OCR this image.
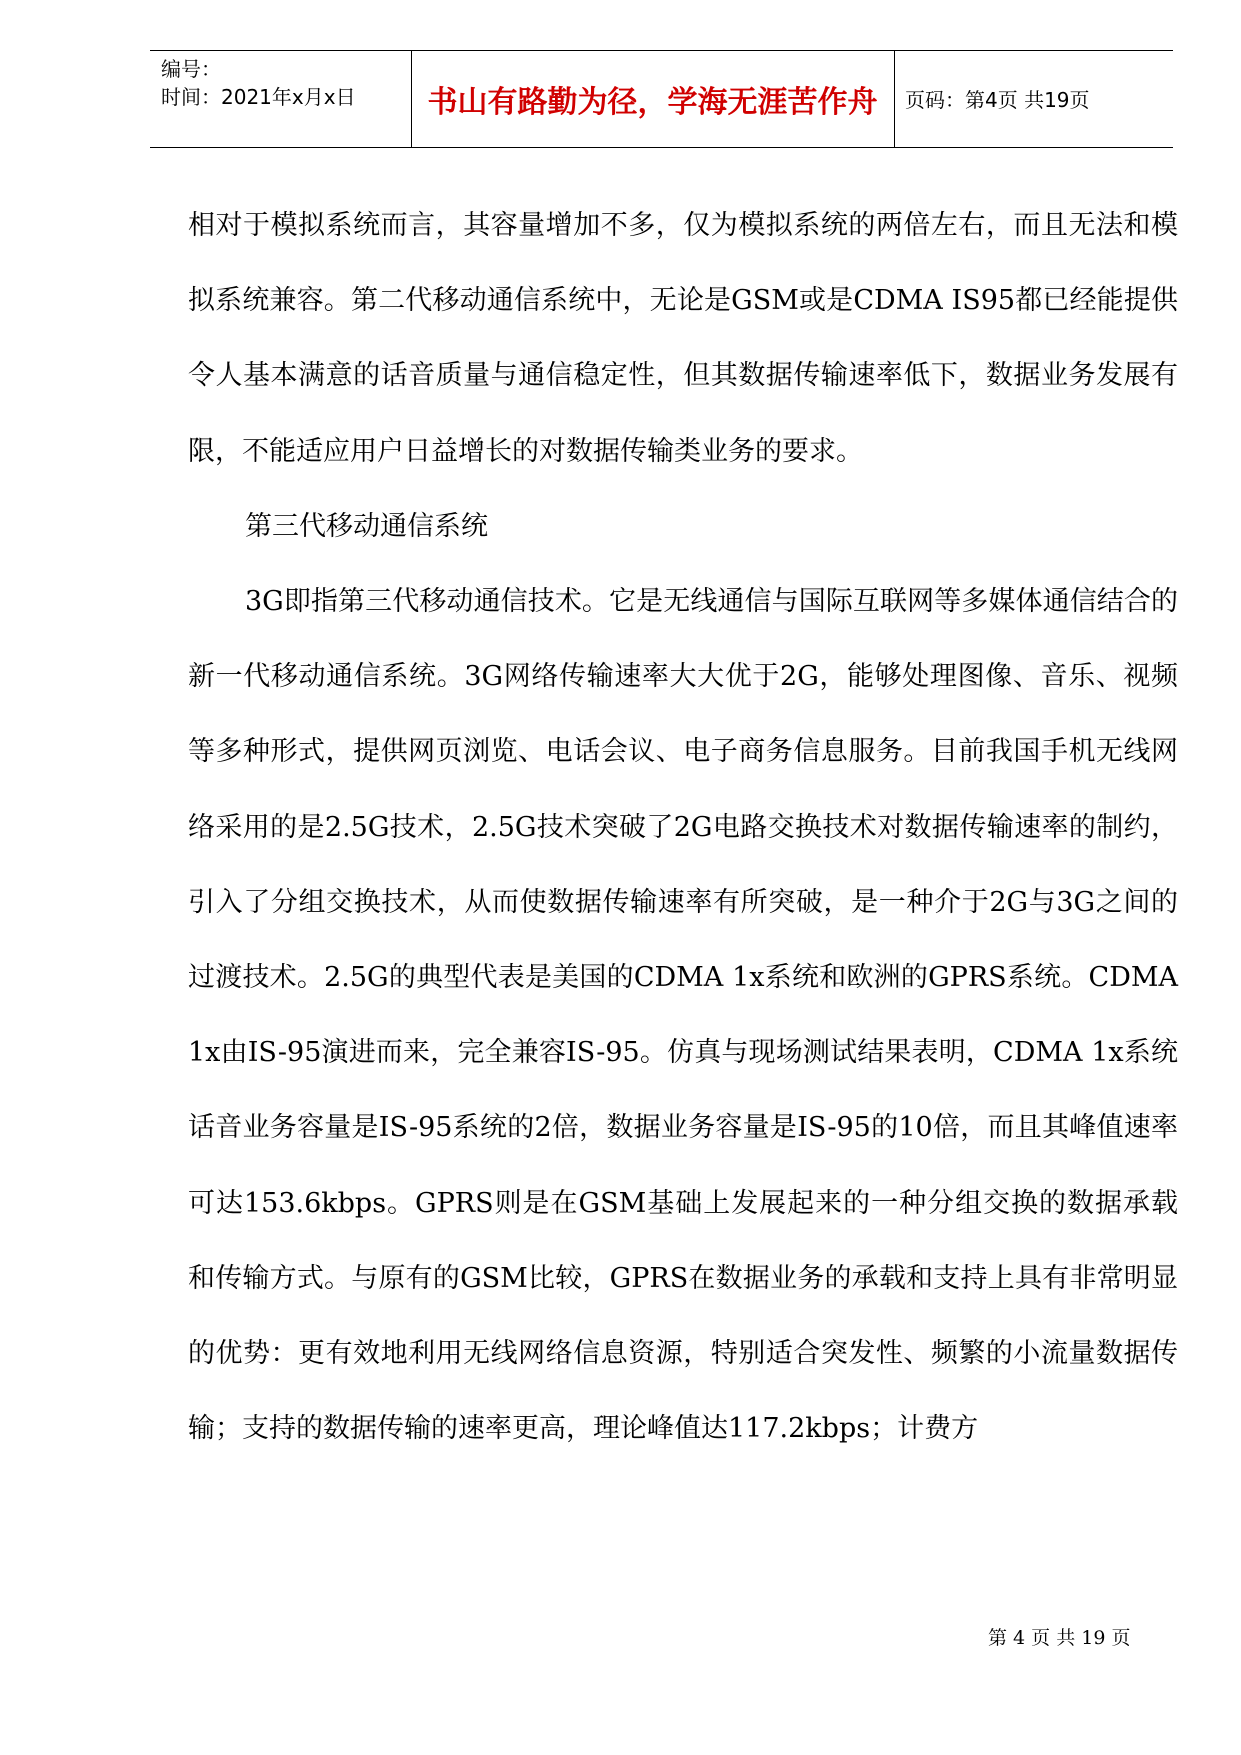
编号：
时间：2021年x月x日	书山有路勤为径，学海无涯苦作舟	页码：第4页 共19页

相对于模拟系统而言，其容量增加不多，仅为模拟系统的两倍左右，而且无法和模拟系统兼容。第二代移动通信系统中，无论是GSM或是CDMA IS95都已经能提供令人基本满意的话音质量与通信稳定性，但其数据传输速率低下，数据业务发展有限，不能适应用户日益增长的对数据传输类业务的要求。

第三代移动通信系统

3G即指第三代移动通信技术。它是无线通信与国际互联网等多媒体通信结合的新一代移动通信系统。3G网络传输速率大大优于2G，能够处理图像、音乐、视频等多种形式，提供网页浏览、电话会议、电子商务信息服务。目前我国手机无线网络采用的是2.5G技术，2.5G技术突破了2G电路交换技术对数据传输速率的制约，引入了分组交换技术，从而使数据传输速率有所突破，是一种介于2G与3G之间的过渡技术。2.5G的典型代表是美国的CDMA 1x系统和欧洲的GPRS系统。CDMA 1x由IS-95演进而来，完全兼容IS-95。仿真与现场测试结果表明，CDMA 1x系统话音业务容量是IS-95系统的2倍，数据业务容量是IS-95的10倍，而且其峰值速率可达153.6kbps。GPRS则是在GSM基础上发展起来的一种分组交换的数据承载和传输方式。与原有的GSM比较，GPRS在数据业务的承载和支持上具有非常明显的优势：更有效地利用无线网络信息资源，特别适合突发性、频繁的小流量数据传输；支持的数据传输的速率更高，理论峰值达117.2kbps；计费方

第 4 页 共 19 页
